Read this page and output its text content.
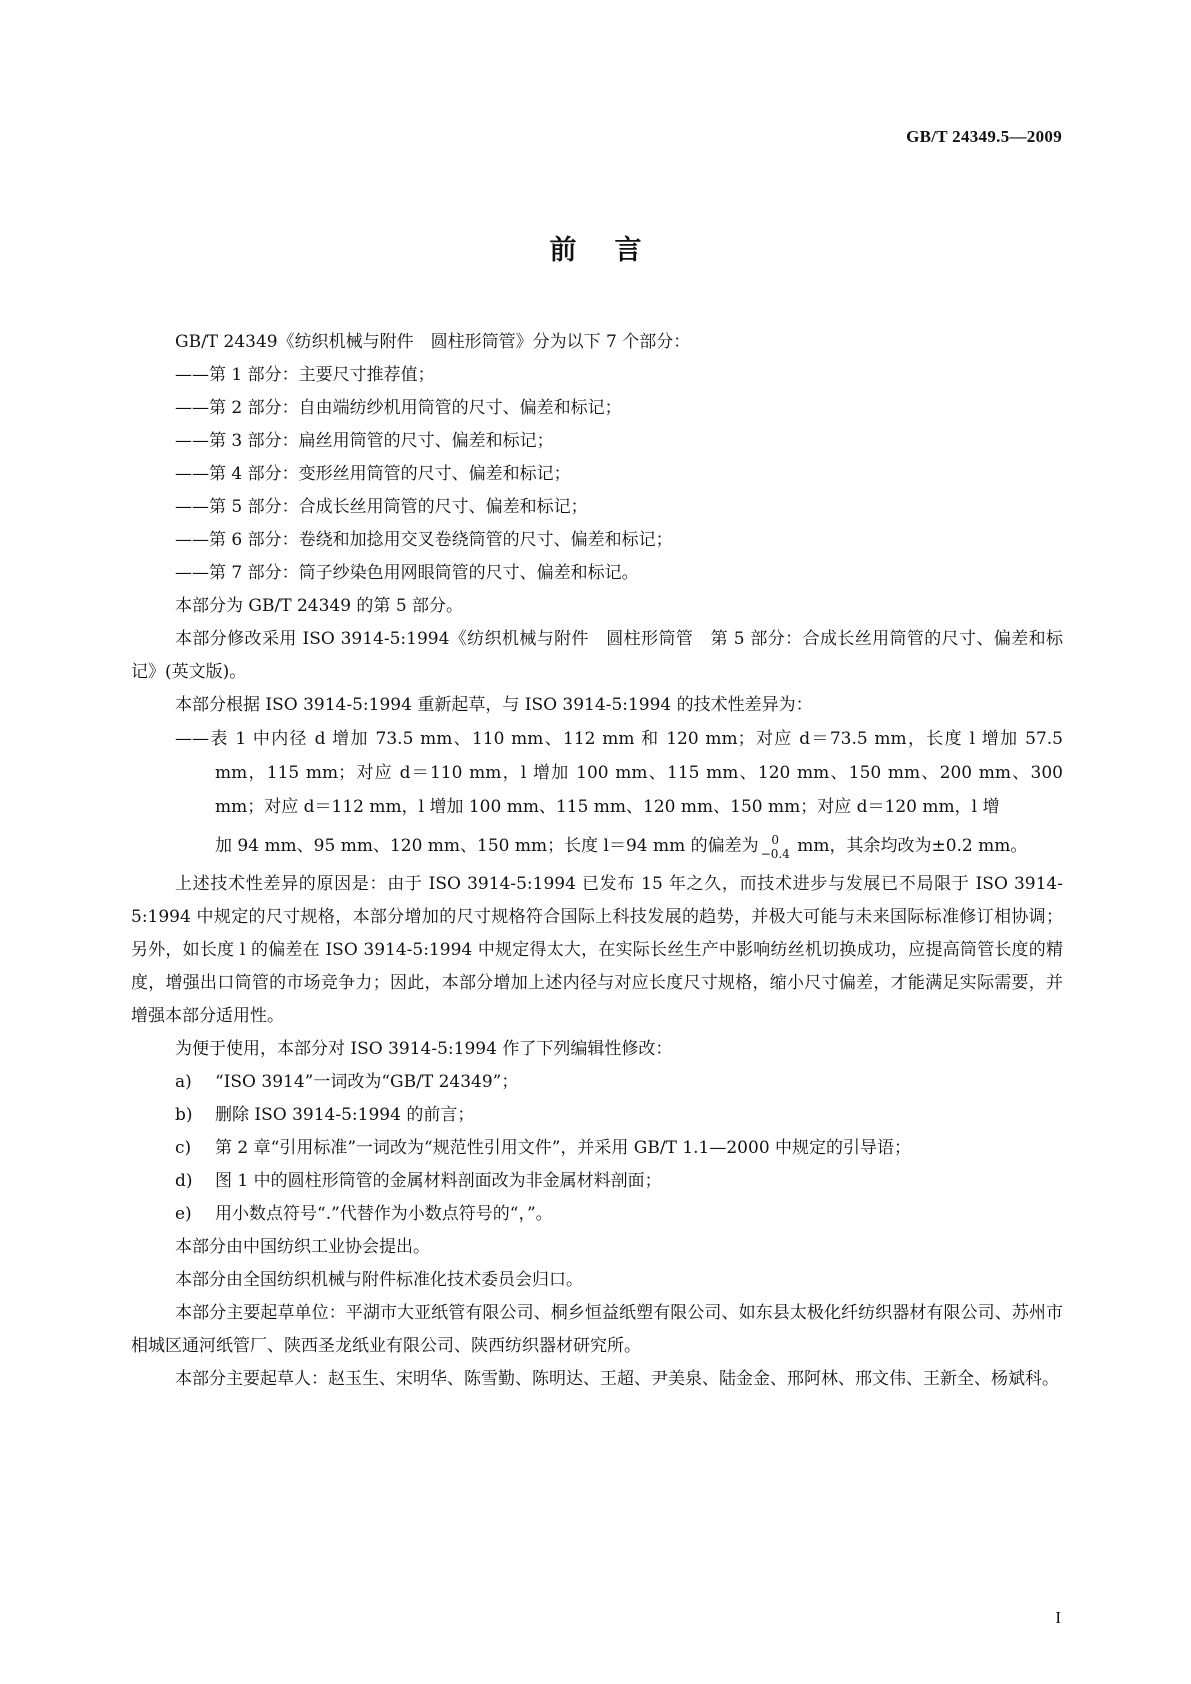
GB/T 24349.5—2009
前言

GB/T 24349《纺织机械与附件　圆柱形筒管》分为以下 7 个部分：

——第 1 部分：主要尺寸推荐值；

——第 2 部分：自由端纺纱机用筒管的尺寸、偏差和标记；

——第 3 部分：扁丝用筒管的尺寸、偏差和标记；

——第 4 部分：变形丝用筒管的尺寸、偏差和标记；

——第 5 部分：合成长丝用筒管的尺寸、偏差和标记；

——第 6 部分：卷绕和加捻用交叉卷绕筒管的尺寸、偏差和标记；

——第 7 部分：筒子纱染色用网眼筒管的尺寸、偏差和标记。

本部分为 GB/T 24349 的第 5 部分。

本部分修改采用 ISO 3914-5:1994《纺织机械与附件　圆柱形筒管　第 5 部分：合成长丝用筒管的尺寸、偏差和标记》(英文版)。

本部分根据 ISO 3914-5:1994 重新起草，与 ISO 3914-5:1994 的技术性差异为：

——表 1 中内径 d 增加 73.5 mm、110 mm、112 mm 和 120 mm；对应 d＝73.5 mm，长度 l 增加 57.5 mm，115 mm；对应 d＝110 mm，l 增加 100 mm、115 mm、120 mm、150 mm、200 mm、300 mm；对应 d＝112 mm，l 增加 100 mm、115 mm、120 mm、150 mm；对应 d＝120 mm，l 增

加 94 mm、95 mm、120 mm、150 mm；长度 l＝94 mm 的偏差为	0
−0.4 mm，其余均改为±0.2 mm。

上述技术性差异的原因是：由于 ISO 3914-5:1994 已发布 15 年之久，而技术进步与发展已不局限于 ISO 3914-5:1994 中规定的尺寸规格，本部分增加的尺寸规格符合国际上科技发展的趋势，并极大可能与未来国际标准修订相协调；另外，如长度 l 的偏差在 ISO 3914-5:1994 中规定得太大，在实际长丝生产中影响纺丝机切换成功，应提高筒管长度的精度，增强出口筒管的市场竞争力；因此，本部分增加上述内径与对应长度尺寸规格，缩小尺寸偏差，才能满足实际需要，并增强本部分适用性。

为便于使用，本部分对 ISO 3914-5:1994 作了下列编辑性修改：

a) “ISO 3914”一词改为“GB/T 24349”；

b) 删除 ISO 3914-5:1994 的前言；

c) 第 2 章“引用标准”一词改为“规范性引用文件”，并采用 GB/T 1.1—2000 中规定的引导语；

d) 图 1 中的圆柱形筒管的金属材料剖面改为非金属材料剖面；

e) 用小数点符号“.”代替作为小数点符号的“，”。

本部分由中国纺织工业协会提出。

本部分由全国纺织机械与附件标准化技术委员会归口。

本部分主要起草单位：平湖市大亚纸管有限公司、桐乡恒益纸塑有限公司、如东县太极化纤纺织器材有限公司、苏州市相城区通河纸管厂、陕西圣龙纸业有限公司、陕西纺织器材研究所。

本部分主要起草人：赵玉生、宋明华、陈雪勤、陈明达、王超、尹美泉、陆金金、邢阿林、邢文伟、王新全、杨斌科。

I
